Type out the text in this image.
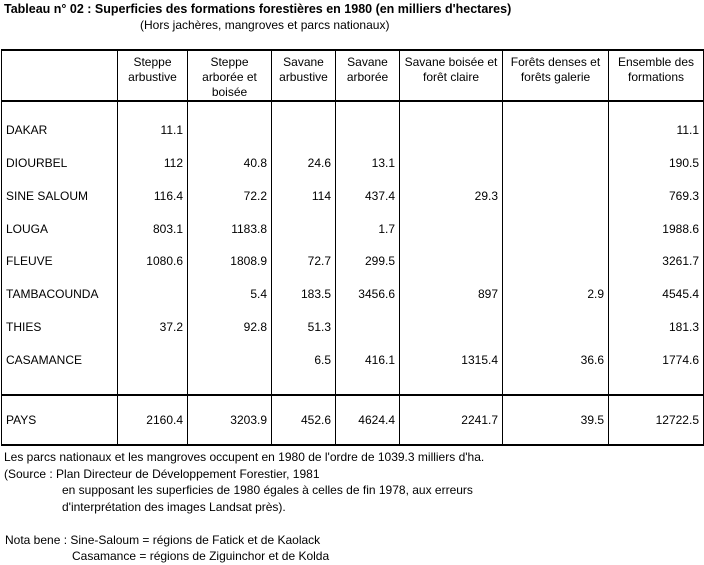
Tableau n° 02 : Superficies des formations forestières en 1980 (en milliers d'hectares)
(Hors jachères, mangroves et parcs nationaux)
	Steppe arbustive	Steppe arborée et boisée	Savane arbustive	Savane arborée	Savane boisée et forêt claire	Forêts denses et forêts galerie	Ensemble des formations

DAKAR	11.1						11.1
DIOURBEL	112	40.8	24.6	13.1			190.5
SINE SALOUM	116.4	72.2	114	437.4	29.3		769.3
LOUGA	803.1	1183.8		1.7			1988.6
FLEUVE	1080.6	1808.9	72.7	299.5			3261.7
TAMBACOUNDA		5.4	183.5	3456.6	897	2.9	4545.4
THIES	37.2	92.8	51.3				181.3
CASAMANCE			6.5	416.1	1315.4	36.6	1774.6

PAYS	2160.4	3203.9	452.6	4624.4	2241.7	39.5	12722.5
Les parcs nationaux et les mangroves occupent en 1980 de l'ordre de 1039.3 milliers d'ha.
(Source : Plan Directeur de Développement Forestier, 1981
en supposant les superficies de 1980 égales à celles de fin 1978, aux erreurs
d'interprétation des images Landsat près).
Nota bene : Sine-Saloum = régions de Fatick et de Kaolack
Casamance = régions de Ziguinchor et de Kolda
